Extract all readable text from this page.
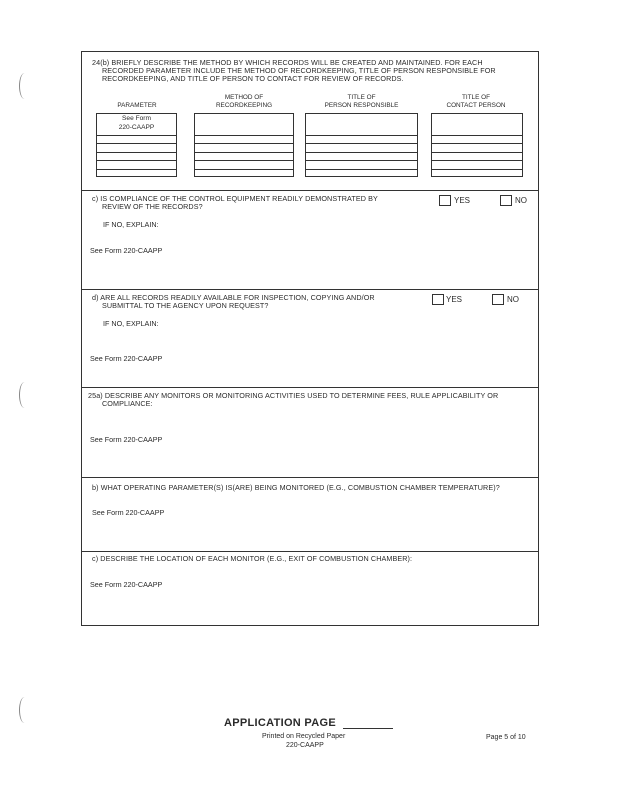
24(b) BRIEFLY DESCRIBE THE METHOD BY WHICH RECORDS WILL BE CREATED AND MAINTAINED. FOR EACH
RECORDED PARAMETER INCLUDE THE METHOD OF RECORDKEEPING, TITLE OF PERSON RESPONSIBLE FOR
RECORDKEEPING, AND TITLE OF PERSON TO CONTACT FOR REVIEW OF RECORDS.

PARAMETER
METHOD OF
RECORDKEEPING
TITLE OF
PERSON RESPONSIBLE
TITLE OF
CONTACT PERSON
See Form
220-CAAPP
c) IS COMPLIANCE OF THE CONTROL EQUIPMENT READILY DEMONSTRATED BY
REVIEW OF THE RECORDS?
YES	NO
IF NO, EXPLAIN:
See Form 220-CAAPP
d) ARE ALL RECORDS READILY AVAILABLE FOR INSPECTION, COPYING AND/OR
SUBMITTAL TO THE AGENCY UPON REQUEST?
YES	NO
IF NO, EXPLAIN:
See Form 220-CAAPP
25a) DESCRIBE ANY MONITORS OR MONITORING ACTIVITIES USED TO DETERMINE FEES, RULE APPLICABILITY OR
COMPLIANCE:
See Form 220-CAAPP
b) WHAT OPERATING PARAMETER(S) IS(ARE) BEING MONITORED (E.G., COMBUSTION CHAMBER TEMPERATURE)?
See Form 220-CAAPP
c) DESCRIBE THE LOCATION OF EACH MONITOR (E.G., EXIT OF COMBUSTION CHAMBER):
See Form 220-CAAPP
APPLICATION PAGE
Printed on Recycled Paper
220-CAAPP
Page 5 of 10
